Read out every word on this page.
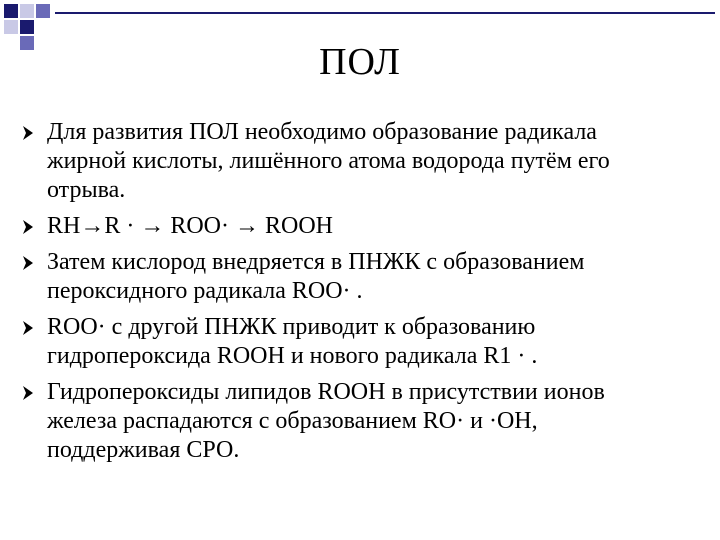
ПОЛ
Для развития ПОЛ необходимо образование радикала
жирной кислоты, лишённого атома водорода путём его
отрыва.
RH→R · → ROO· → ROOH
Затем кислород внедряется в ПНЖК с образованием
пероксидного радикала ROO· .
ROO· с другой ПНЖК приводит к образованию
гидропероксида ROOH и нового радикала R1 · .
Гидропероксиды липидов ROOH в присутствии ионов
железа распадаются с образованием RO· и ·OH,
поддерживая СРО.
